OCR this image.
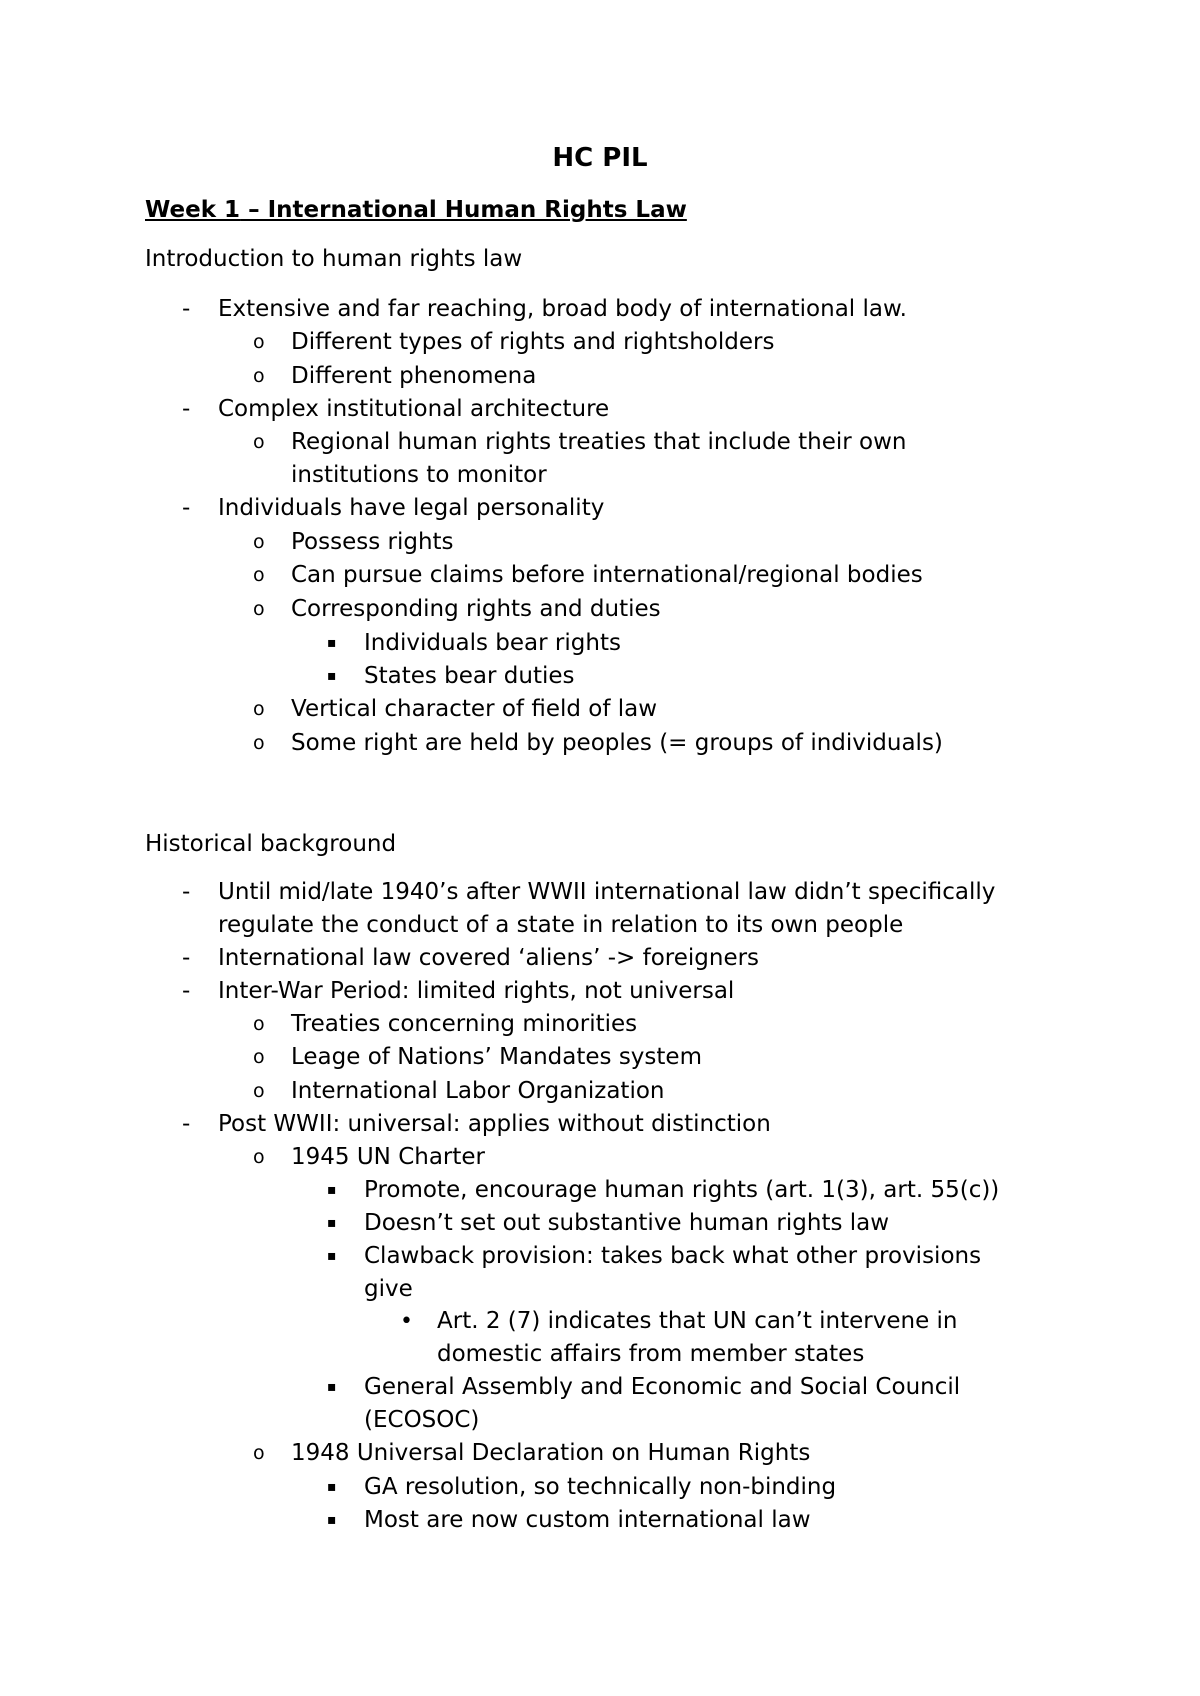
HC PIL
Week 1 – International Human Rights Law
Introduction to human rights law
- Extensive and far reaching, broad body of international law.
o Different types of rights and rightsholders
o Different phenomena
- Complex institutional architecture
o Regional human rights treaties that include their own
institutions to monitor
- Individuals have legal personality
o Possess rights
o Can pursue claims before international/regional bodies
o Corresponding rights and duties
▪ Individuals bear rights
▪ States bear duties
o Vertical character of field of law
o Some right are held by peoples (= groups of individuals)
Historical background
- Until mid/late 1940’s after WWII international law didn’t specifically
regulate the conduct of a state in relation to its own people
- International law covered ‘aliens’ -> foreigners
- Inter-War Period: limited rights, not universal
o Treaties concerning minorities
o Leage of Nations’ Mandates system
o International Labor Organization
- Post WWII: universal: applies without distinction
o 1945 UN Charter
▪ Promote, encourage human rights (art. 1(3), art. 55(c))
▪ Doesn’t set out substantive human rights law
▪ Clawback provision: takes back what other provisions
give
• Art. 2 (7) indicates that UN can’t intervene in
domestic affairs from member states
▪ General Assembly and Economic and Social Council
(ECOSOC)
o 1948 Universal Declaration on Human Rights
▪ GA resolution, so technically non-binding
▪ Most are now custom international law
